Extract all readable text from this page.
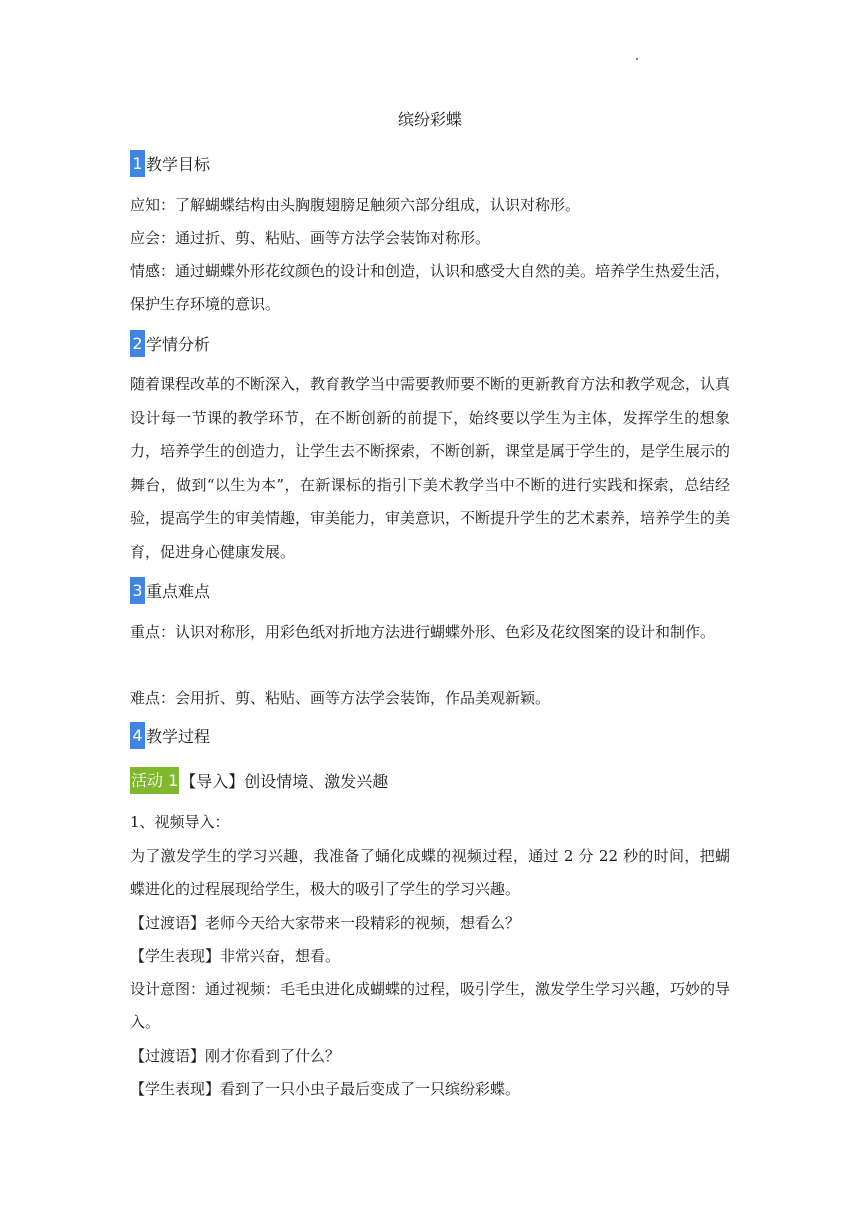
缤纷彩蝶
1 教学目标
应知：了解蝴蝶结构由头胸腹翅膀足触须六部分组成，认识对称形。
应会：通过折、剪、粘贴、画等方法学会装饰对称形。
情感：通过蝴蝶外形花纹颜色的设计和创造，认识和感受大自然的美。培养学生热爱生活，保护生存环境的意识。
2 学情分析
随着课程改革的不断深入，教育教学当中需要教师要不断的更新教育方法和教学观念，认真设计每一节课的教学环节，在不断创新的前提下，始终要以学生为主体，发挥学生的想象力，培养学生的创造力，让学生去不断探索，不断创新，课堂是属于学生的，是学生展示的舞台，做到“以生为本”，在新课标的指引下美术教学当中不断的进行实践和探索，总结经验，提高学生的审美情趣，审美能力，审美意识，不断提升学生的艺术素养，培养学生的美育，促进身心健康发展。
3 重点难点
重点：认识对称形，用彩色纸对折地方法进行蝴蝶外形、色彩及花纹图案的设计和制作。
难点：会用折、剪、粘贴、画等方法学会装饰，作品美观新颖。
4 教学过程
活动 1 【导入】创设情境、激发兴趣
1、视频导入：
为了激发学生的学习兴趣，我准备了蛹化成蝶的视频过程，通过 2 分 22 秒的时间，把蝴蝶进化的过程展现给学生，极大的吸引了学生的学习兴趣。
【过渡语】老师今天给大家带来一段精彩的视频，想看么？
【学生表现】非常兴奋，想看。
设计意图：通过视频：毛毛虫进化成蝴蝶的过程，吸引学生，激发学生学习兴趣，巧妙的导入。
【过渡语】刚才你看到了什么？
【学生表现】看到了一只小虫子最后变成了一只缤纷彩蝶。
